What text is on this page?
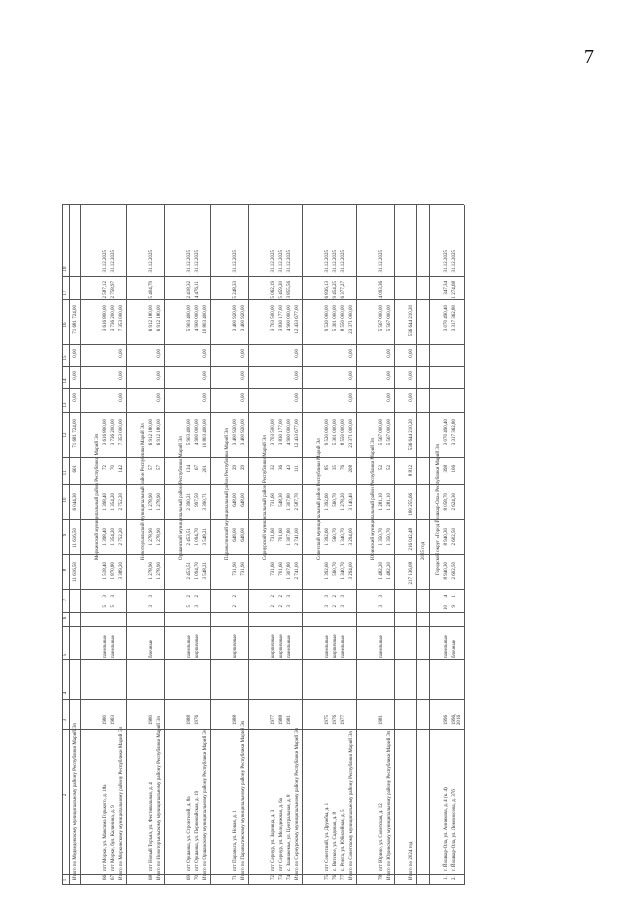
7
1
2
3
4
5
6
7
8
9
10
11
12
13
14
15
16
17
18
Итого по Медведевскому муниципальному району Республики Марий Эл
11 616,50
11 616,50
6 044,30
601
71 681 724,00
0,00
0,00
0,00
71 681 724,00
Моркинский муниципальный район Республики Марий Эл
66.
пгт Морки, ул. Максима Горького, д. 18а
1980
панельные
5
3
1 518,40
1 398,40
1 398,40
72
3 616 800,00
3 616 800,00
2 587,12
31.12.2025
67.
пгт Морки, бул. Калинина, д. 9
1983
панельные
5
3
1 870,80
1 354,20
1 354,20
70
3 736 200,00
3 736 200,00
2 758,97
31.12.2025
Итого по Моркинскому муниципальному району Республики Марий Эл
3 389,20
2 752,20
2 752,20
142
7 353 000,00
0,00
0,00
0,00
7 353 000,00
Новоторъяльский муниципальный район Республики Марий Эл
68.
пгт Новый Торъял, ул. Фестивальная, д. 4
1980
блочные
3
3
1 278,90
1 278,90
1 278,90
57
6 912 180,00
6 912 180,00
5 404,79
31.12.2025
Итого по Новоторъяльскому муниципальному району Республики Марий Эл
1 278,90
1 278,90
1 278,90
57
6 912 180,00
0,00
0,00
0,00
6 912 180,00
Оршанский муниципальный район Республики Марий Эл
69.
пгт Оршанка, ул. Строителей, д. 8а
1988
панельные
5
2
2 453,51
2 453,51
2 390,21
134
5 903 400,00
5 903 400,00
2 418,32
31.12.2025
70.
пгт Оршанка, ул. Первомайская, д. 19
1976
кирпичные
3
2
1 094,70
1 094,70
997,50
67
4 900 000,00
4 900 000,00
4 476,11
31.12.2025
Итого по Оршанскому муниципальному району Республики Марий Эл
3 548,21
3 548,21
3 390,71
201
10 803 400,00
0,00
0,00
0,00
10 803 400,00
Параньгинский муниципальный район Республики Марий Эл
71.
пгт Параньга, ул. Новая, д. 1
1988
кирпичные
2
2
731,90
648,00
648,00
29
3 400 920,00
3 400 920,00
5 248,33
31.12.2025
Итого по Параньгинскому муниципальному району Республики Марий Эл
731,90
648,00
648,00
29
3 400 920,00
0,00
0,00
0,00
3 400 920,00
Сернурский муниципальный район Республики Марий Эл
72.
пгт Сернур, ул. Зарница, д. 3
1977
кирпичные
2
2
731,60
731,60
731,60
32
3 703 500,00
3 703 500,00
5 062,19
31.12.2025
73.
пгт Сернур, ул. Молодежная, д. 6а
1988
кирпичные
2
2
701,60
701,60
548,30
36
3 830 177,00
3 830 177,00
5 459,20
31.12.2025
74.
с. Зашижемье, ул. Центральная, д. 8
1981
панельные
3
3
1 307,80
1 307,80
1 307,80
43
4 900 000,00
4 900 000,00
3 855,56
31.12.2025
Итого по Сернурскому муниципальному району Республики Марий Эл
2 741,00
2 741,00
2 587,70
111
12 433 677,00
0,00
0,00
0,00
12 433 677,00
Советский муниципальный район Республики Марий Эл
75.
пгт Советский, ул. Дружбы, д. 1
1975
панельные
3
3
1 392,60
1 392,60
1 392,60
85
9 520 000,00
9 520 000,00
6 836,13
31.12.2025
76.
с. Вятское, ул. Садовая, д. 8
1976
кирпичные
2
2
560,70
560,70
560,70
35
5 301 000,00
5 301 000,00
9 454,25
31.12.2025
77.
с. Ронга, ул. Юбилейная, д. 5
1977
панельные
3
3
1 340,70
1 340,70
1 278,20
76
8 550 000,00
8 550 000,00
6 377,27
31.12.2025
Итого по Советскому муниципальному району Республики Марий Эл
3 294,00
3 294,00
3 140,40
208
23 371 000,00
0,00
0,00
0,00
23 371 000,00
Юринский муниципальный район Республики Марий Эл
78.
пгт Юрино, ул. Советская, д. 12
1981
панельные
3
3
1 482,20
1 350,70
1 281,10
52
5 567 000,00
5 567 000,00
4 093,36
31.12.2025
Итого по Юринскому муниципальному району Республики Марий Эл
1 482,20
1 350,70
1 281,10
52
5 567 000,00
0,00
0,00
0,00
5 567 000,00
Итого по 2024 год
217 136,08
216 042,48
180 255,66
8 812
536 644 210,20
0,00
0,00
0,00
536 644 210,20
2025 год Городской округ «Город Йошкар-Ола» Республики Марий Эл
1.
г. Йошкар-Ола, ул. Анникова, д. 4 (к. 4)
1996
панельные
10
4
8 940,30
8 940,30
8 058,70
398
3 070 490,40
3 070 490,40
347,34
31.12.2025
2.
г. Йошкар-Ола, ул. Ломоносова, д. 37б
1996, 2016
блочные
9
1
2 602,50
2 602,50
2 624,30
106
3 317 362,80
3 317 362,80
1 274,68
31.12.2025
